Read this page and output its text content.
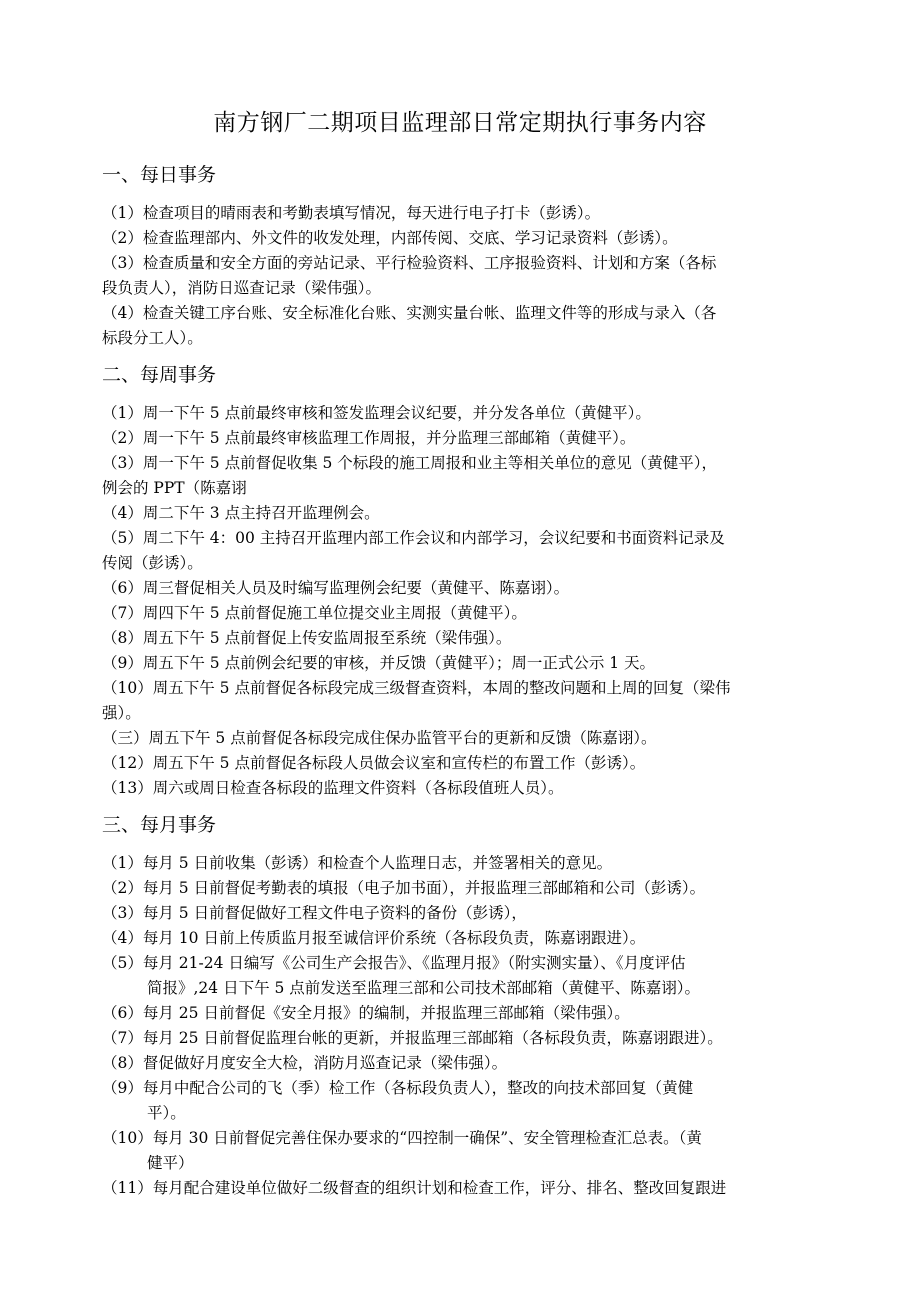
南方钢厂二期项目监理部日常定期执行事务内容
一、每日事务
（1）检查项目的晴雨表和考勤表填写情况，每天进行电子打卡（彭诱）。
（2）检查监理部内、外文件的收发处理，内部传阅、交底、学习记录资料（彭诱）。
（3）检查质量和安全方面的旁站记录、平行检验资料、工序报验资料、计划和方案（各标
段负责人），消防日巡查记录（梁伟强）。
（4）检查关键工序台账、安全标准化台账、实测实量台帐、监理文件等的形成与录入（各
标段分工人）。
二、每周事务
（1）周一下午 5 点前最终审核和签发监理会议纪要，并分发各单位（黄健平）。
（2）周一下午 5 点前最终审核监理工作周报，并分监理三部邮箱（黄健平）。
（3）周一下午 5 点前督促收集 5 个标段的施工周报和业主等相关单位的意见（黄健平），
例会的 PPT（陈嘉诩
（4）周二下午 3 点主持召开监理例会。
（5）周二下午 4：00 主持召开监理内部工作会议和内部学习，会议纪要和书面资料记录及
传阅（彭诱）。
（6）周三督促相关人员及时编写监理例会纪要（黄健平、陈嘉诩）。
（7）周四下午 5 点前督促施工单位提交业主周报（黄健平）。
（8）周五下午 5 点前督促上传安监周报至系统（梁伟强）。
（9）周五下午 5 点前例会纪要的审核，并反馈（黄健平）；周一正式公示 1 天。
（10）周五下午 5 点前督促各标段完成三级督查资料，本周的整改问题和上周的回复（梁伟
强）。
（三）周五下午 5 点前督促各标段完成住保办监管平台的更新和反馈（陈嘉诩）。
（12）周五下午 5 点前督促各标段人员做会议室和宣传栏的布置工作（彭诱）。
（13）周六或周日检查各标段的监理文件资料（各标段值班人员）。
三、每月事务
（1）每月 5 日前收集（彭诱）和检查个人监理日志，并签署相关的意见。
（2）每月 5 日前督促考勤表的填报（电子加书面），并报监理三部邮箱和公司（彭诱）。
（3）每月 5 日前督促做好工程文件电子资料的备份（彭诱），
（4）每月 10 日前上传质监月报至诚信评价系统（各标段负责，陈嘉诩跟进）。
（5）每月 21-24 日编写《公司生产会报告》、《监理月报》（附实测实量）、《月度评估
简报》,24 日下午 5 点前发送至监理三部和公司技术部邮箱（黄健平、陈嘉诩）。
（6）每月 25 日前督促《安全月报》的编制，并报监理三部邮箱（梁伟强）。
（7）每月 25 日前督促监理台帐的更新，并报监理三部邮箱（各标段负责，陈嘉诩跟进）。
（8）督促做好月度安全大检，消防月巡查记录（梁伟强）。
（9）每月中配合公司的飞（季）检工作（各标段负责人），整改的向技术部回复（黄健
平）。
（10）每月 30 日前督促完善住保办要求的“四控制一确保”、安全管理检查汇总表。（黄
健平）
（11）每月配合建设单位做好二级督查的组织计划和检查工作，评分、排名、整改回复跟进
